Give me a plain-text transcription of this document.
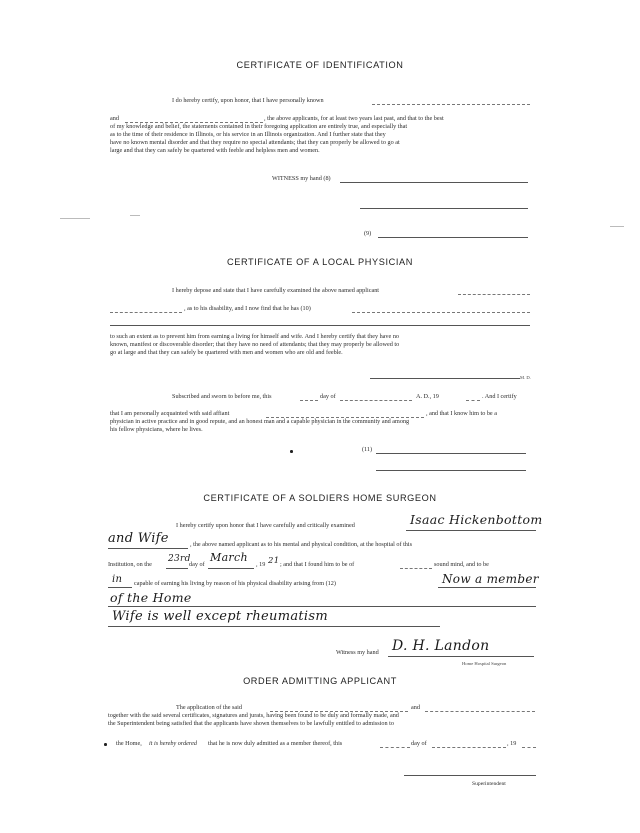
CERTIFICATE OF IDENTIFICATION
I do hereby certify, upon honor, that I have personally known
and	, the above applicants, for at least two years last past, and that to the best
of my knowledge and belief, the statements contained in their foregoing application are entirely true, and especially that
as to the time of their residence in Illinois, or his service in an Illinois organization. And I further state that they
have no known mental disorder and that they require no special attendants; that they can properly be allowed to go at
large and that they can safely be quartered with feeble and helpless men and women.
WITNESS my hand (8)
(9)
CERTIFICATE OF A LOCAL PHYSICIAN
I hereby depose and state that I have carefully examined the above named applicant
, as to his disability, and I now find that he has (10)
to such an extent as to prevent him from earning a living for himself and wife. And I hereby certify that they have no
known, manifest or discoverable disorder; that they have no need of attendants; that they may properly be allowed to
go at large and that they can safely be quartered with men and women who are old and feeble.
M. D.
Subscribed and sworn to before me, this	day of	A. D., 19	. And I certify
that I am personally acquainted with said affiant	, and that I know him to be a
physician in active practice and in good repute, and an honest man and a capable physician in the community and among
his fellow physicians, where he lives.
(11)
CERTIFICATE OF A SOLDIERS HOME SURGEON
I hereby certify upon honor that I have carefully and critically examined	Isaac Hickenbottom
and Wife	, the above named applicant as to his mental and physical condition, at the hospital of this
Institution, on the
23rd
day of
March
, 19 21 ; and that I found him to be of	sound mind, and to be
in capable of earning his living by reason of his physical disability arising from (12)	Now a member
of the Home
Wife is well except rheumatism
Witness my hand D. H. Landon
Home Hospital Surgeon
ORDER ADMITTING APPLICANT
The application of the said	and
together with the said several certificates, signatures and jurats, having been found to be duly and formally made, and
the Superintendent being satisfied that the applicants have shown themselves to be lawfully entitled to admission to
the Home, it is hereby ordered that he is now duly admitted as a member thereof, this	day of	, 19
Superintendent
